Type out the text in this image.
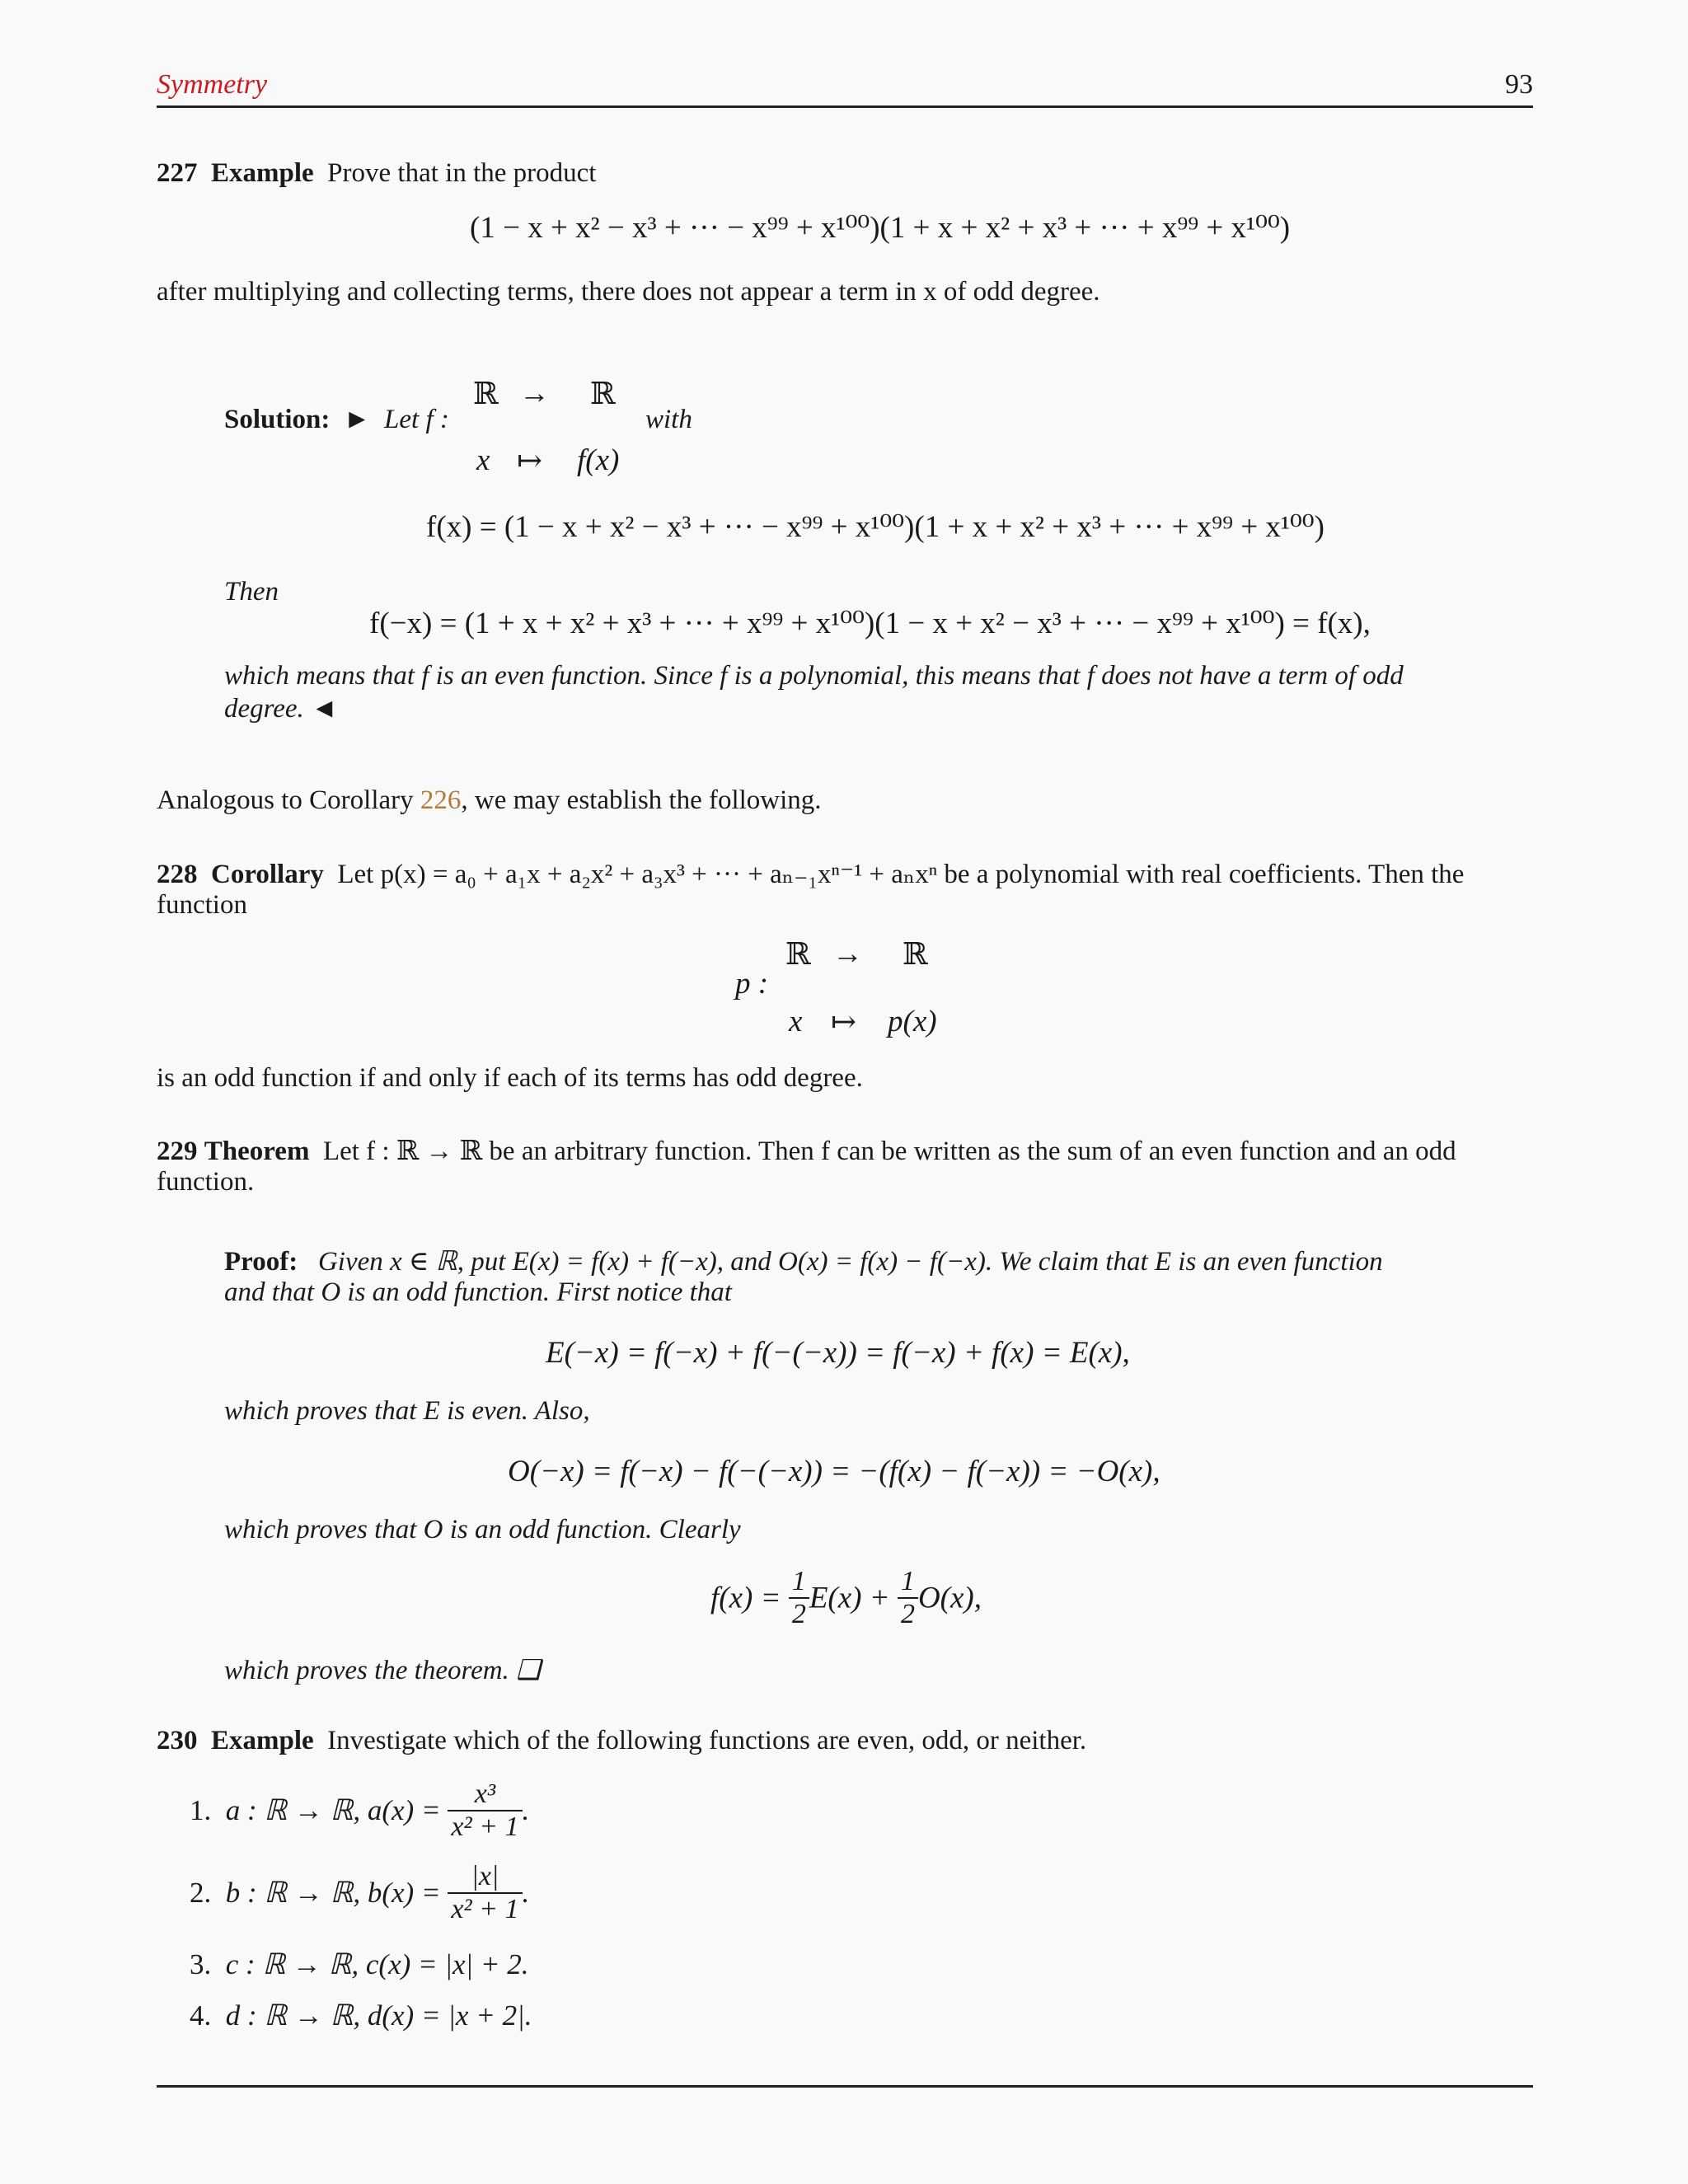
Symmetry	93
227 Example Prove that in the product
(1 − x + x² − x³ + ··· − x⁹⁹ + x¹⁰⁰)(1 + x + x² + x³ + ··· + x⁹⁹ + x¹⁰⁰)
after multiplying and collecting terms, there does not appear a term in x of odd degree.
Solution: ► Let f :
ℝ → ℝ
with
x ↦ f(x)
f(x) = (1 − x + x² − x³ + ··· − x⁹⁹ + x¹⁰⁰)(1 + x + x² + x³ + ··· + x⁹⁹ + x¹⁰⁰)
Then
f(−x) = (1 + x + x² + x³ + ··· + x⁹⁹ + x¹⁰⁰)(1 − x + x² − x³ + ··· − x⁹⁹ + x¹⁰⁰) = f(x),
which means that f is an even function. Since f is a polynomial, this means that f does not have a term of odd
degree. ◄
Analogous to Corollary 226, we may establish the following.
228 Corollary Let p(x) = a₀ + a₁x + a₂x² + a₃x³ + ··· + aₙ₋₁xⁿ⁻¹ + aₙxⁿ be a polynomial with real coefficients. Then the
function
p :
ℝ → ℝ
x ↦ p(x)
is an odd function if and only if each of its terms has odd degree.
229 Theorem Let f : ℝ → ℝ be an arbitrary function. Then f can be written as the sum of an even function and an odd
function.
Proof: Given x ∈ ℝ, put E(x) = f(x) + f(−x), and O(x) = f(x) − f(−x). We claim that E is an even function
and that O is an odd function. First notice that
E(−x) = f(−x) + f(−(−x)) = f(−x) + f(x) = E(x),
which proves that E is even. Also,
O(−x) = f(−x) − f(−(−x)) = −(f(x) − f(−x)) = −O(x),
which proves that O is an odd function. Clearly
$f(x) = \frac{1}{2} E(x) + \frac{1}{2} O(x)$,
which proves the theorem. ❑
230 Example Investigate which of the following functions are even, odd, or neither.
1. a : ℝ → ℝ, $a(x) = \frac{\text{x³}}{\text{x² + 1}}$ .
2. b : ℝ → ℝ, $b(x) = \frac{|x|}{\text{x² + 1}}$ .
3. c : ℝ → ℝ, c(x) = |x| + 2.
4. d : ℝ → ℝ, d(x) = |x + 2|.
